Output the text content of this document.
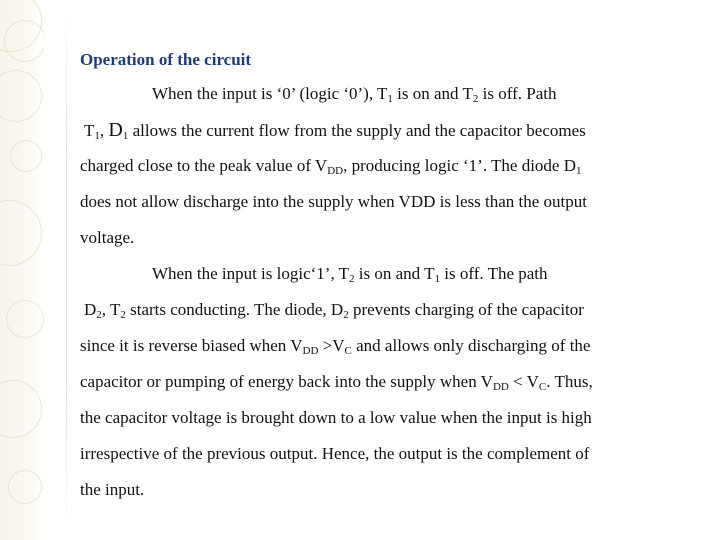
Operation of the circuit
When the input is ‘0’ (logic ‘0’), $T_1$ is on and $T_2$ is off. Path
$T_1$, $D_1$ allows the current flow from the supply and the capacitor becomes
charged close to the peak value of $V_{DD}$, producing logic ‘1’. The diode $D_1$
does not allow discharge into the supply when VDD is less than the output
voltage.
When the input is logic‘1’, $T_2$ is on and $T_1$ is off. The path
$D_2$, $T_2$ starts conducting. The diode, $D_2$ prevents charging of the capacitor
since it is reverse biased when $V_{DD} >V_C$ and allows only discharging of the
capacitor or pumping of energy back into the supply when $V_{DD} < V_C$. Thus,
the capacitor voltage is brought down to a low value when the input is high
irrespective of the previous output. Hence, the output is the complement of
the input.
